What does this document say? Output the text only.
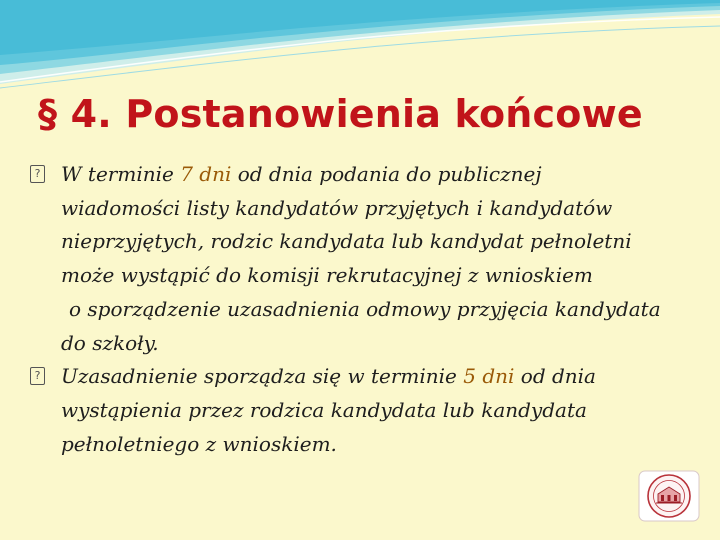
§ 4. Postanowienia końcowe
? W terminie 7 dni od dnia podania do publicznej
wiadomości listy kandydatów przyjętych i kandydatów
nieprzyjętych, rodzic kandydata lub kandydat pełnoletni
może wystąpić do komisji rekrutacyjnej z wnioskiem
o sporządzenie uzasadnienia odmowy przyjęcia kandydata
do szkoły.
? Uzasadnienie sporządza się w terminie 5 dni od dnia
wystąpienia przez rodzica kandydata lub kandydata
pełnoletniego z wnioskiem.
